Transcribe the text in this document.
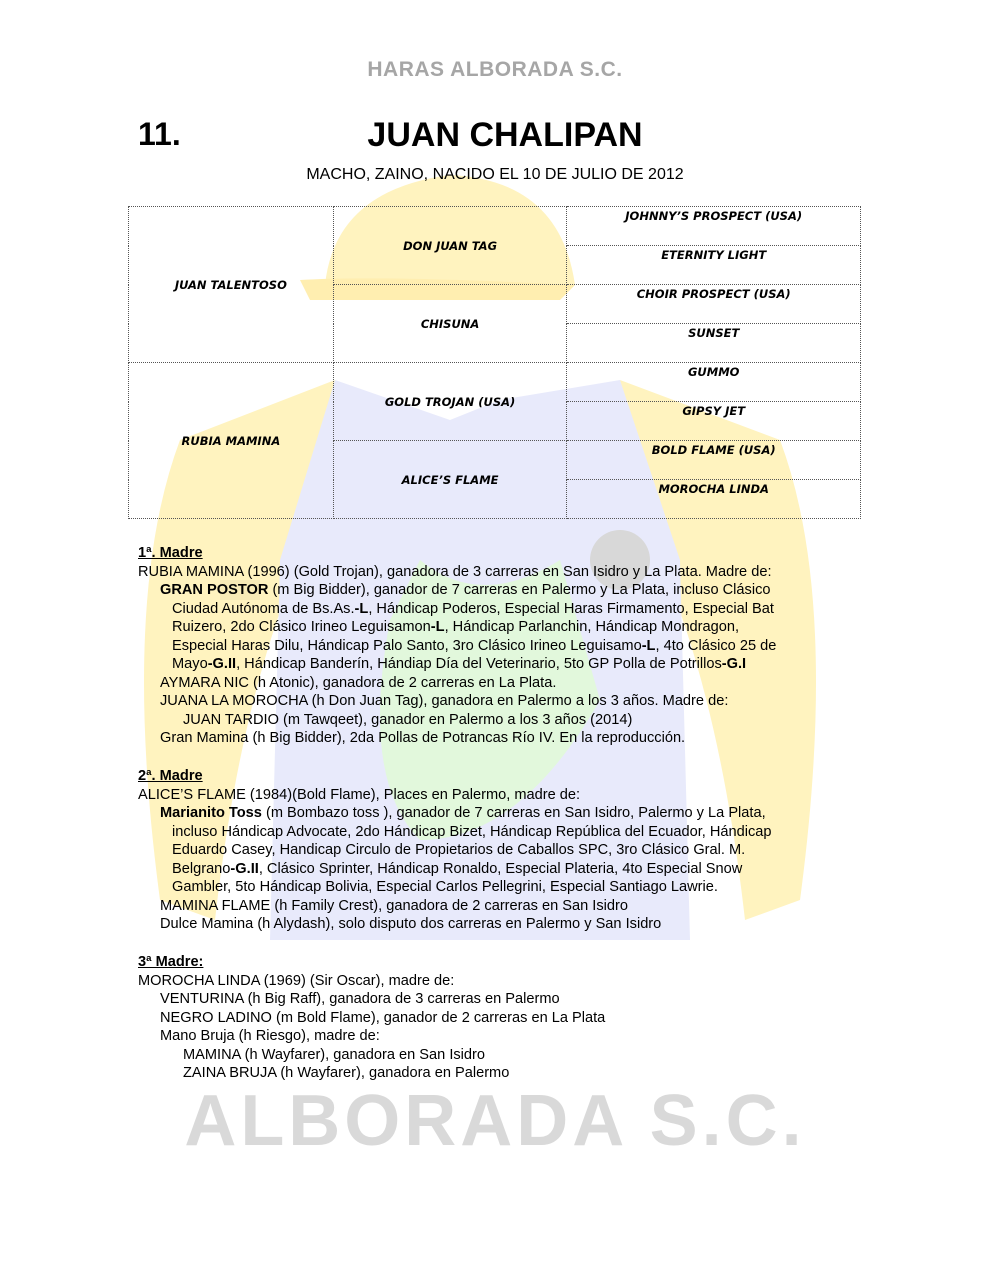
HARAS ALBORADA S.C.
11.	JUAN CHALIPAN
MACHO, ZAINO, NACIDO EL 10 DE JULIO DE 2012
JUAN TALENTOSO	DON JUAN TAG	JOHNNY’S PROSPECT (USA)
		ETERNITY LIGHT
	CHISUNA	CHOIR PROSPECT (USA)
		SUNSET
RUBIA MAMINA	GOLD TROJAN (USA)	GUMMO
		GIPSY JET
	ALICE’S FLAME	BOLD FLAME (USA)
		MOROCHA LINDA

1ª. Madre

RUBIA MAMINA (1996) (Gold Trojan), ganadora de 3 carreras en San Isidro y La Plata. Madre de:

GRAN POSTOR (m Big Bidder), ganador de 7 carreras en Palermo y La Plata, incluso Clásico
Ciudad Autónoma de Bs.As.-L, Hándicap Poderos, Especial Haras Firmamento, Especial Bat
Ruizero, 2do Clásico Irineo Leguisamon-L, Hándicap Parlanchin, Hándicap Mondragon,
Especial Haras Dilu, Hándicap Palo Santo, 3ro Clásico Irineo Leguisamo-L, 4to Clásico 25 de
Mayo-G.II, Hándicap Banderín, Hándiap Día del Veterinario, 5to GP Polla de Potrillos-G.I

AYMARA NIC (h Atonic), ganadora de 2 carreras en La Plata.

JUANA LA MOROCHA (h Don Juan Tag), ganadora en Palermo a los 3 años. Madre de:

JUAN TARDIO (m Tawqeet), ganador en Palermo a los 3 años (2014)

Gran Mamina (h Big Bidder), 2da Pollas de Potrancas Río IV. En la reproducción.

2ª. Madre

ALICE’S FLAME (1984)(Bold Flame), Places en Palermo, madre de:

Marianito Toss (m Bombazo toss ), ganador de 7 carreras en San Isidro, Palermo y La Plata,
incluso Hándicap Advocate, 2do Hándicap Bizet, Hándicap República del Ecuador, Hándicap
Eduardo Casey, Handicap Circulo de Propietarios de Caballos SPC, 3ro Clásico Gral. M.
Belgrano-G.II, Clásico Sprinter, Hándicap Ronaldo, Especial Plateria, 4to Especial Snow
Gambler, 5to Hándicap Bolivia, Especial Carlos Pellegrini, Especial Santiago Lawrie.

MAMINA FLAME (h Family Crest), ganadora de 2 carreras en San Isidro

Dulce Mamina (h Alydash), solo disputo dos carreras en Palermo y San Isidro

3ª Madre:

MOROCHA LINDA (1969) (Sir Oscar), madre de:

VENTURINA (h Big Raff), ganadora de 3 carreras en Palermo

NEGRO LADINO (m Bold Flame), ganador de 2 carreras en La Plata

Mano Bruja (h Riesgo), madre de:

MAMINA (h Wayfarer), ganadora en San Isidro

ZAINA BRUJA (h Wayfarer), ganadora en Palermo

ALBORADA S.C.
